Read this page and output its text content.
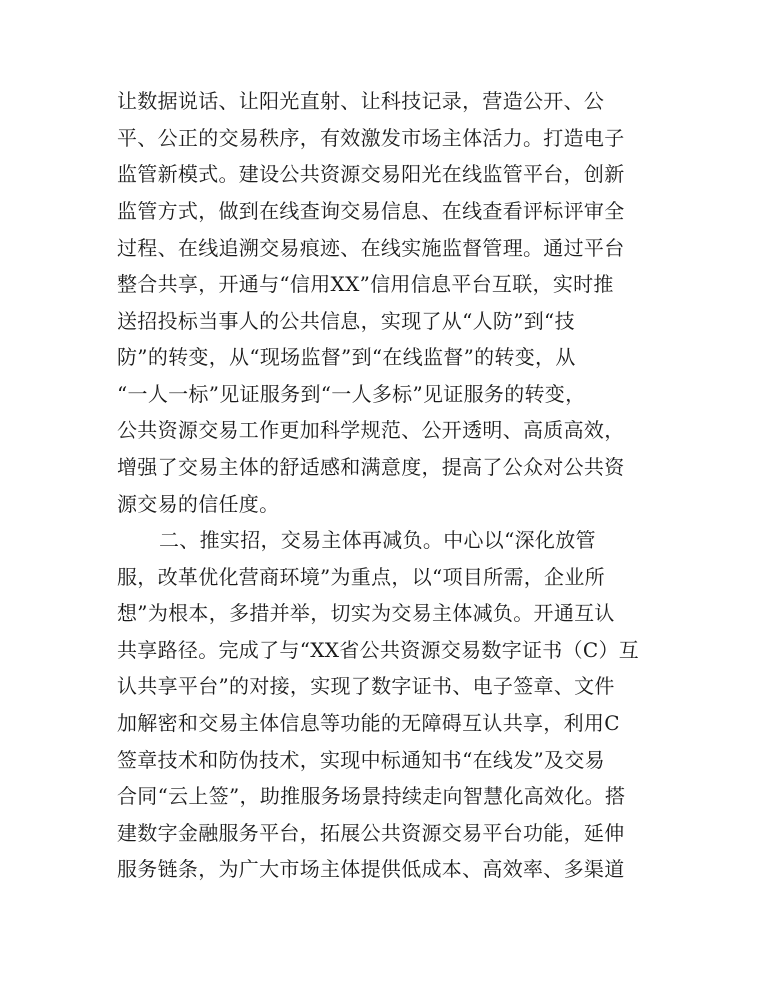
让数据说话、让阳光直射、让科技记录，营造公开、公
平、公正的交易秩序，有效激发市场主体活力。打造电子
监管新模式。建设公共资源交易阳光在线监管平台，创新
监管方式，做到在线查询交易信息、在线查看评标评审全
过程、在线追溯交易痕迹、在线实施监督管理。通过平台
整合共享，开通与“信用XX”信用信息平台互联，实时推
送招投标当事人的公共信息，实现了从“人防”到“技
防”的转变，从“现场监督”到“在线监督”的转变，从
“一人一标”见证服务到“一人多标”见证服务的转变，
公共资源交易工作更加科学规范、公开透明、高质高效，
增强了交易主体的舒适感和满意度，提高了公众对公共资
源交易的信任度。
二、推实招，交易主体再减负。中心以“深化放管
服，改革优化营商环境”为重点，以“项目所需，企业所
想”为根本，多措并举，切实为交易主体减负。开通互认
共享路径。完成了与“XX省公共资源交易数字证书（C）互
认共享平台”的对接，实现了数字证书、电子签章、文件
加解密和交易主体信息等功能的无障碍互认共享，利用C
签章技术和防伪技术，实现中标通知书“在线发”及交易
合同“云上签”，助推服务场景持续走向智慧化高效化。搭
建数字金融服务平台，拓展公共资源交易平台功能，延伸
服务链条，为广大市场主体提供低成本、高效率、多渠道
